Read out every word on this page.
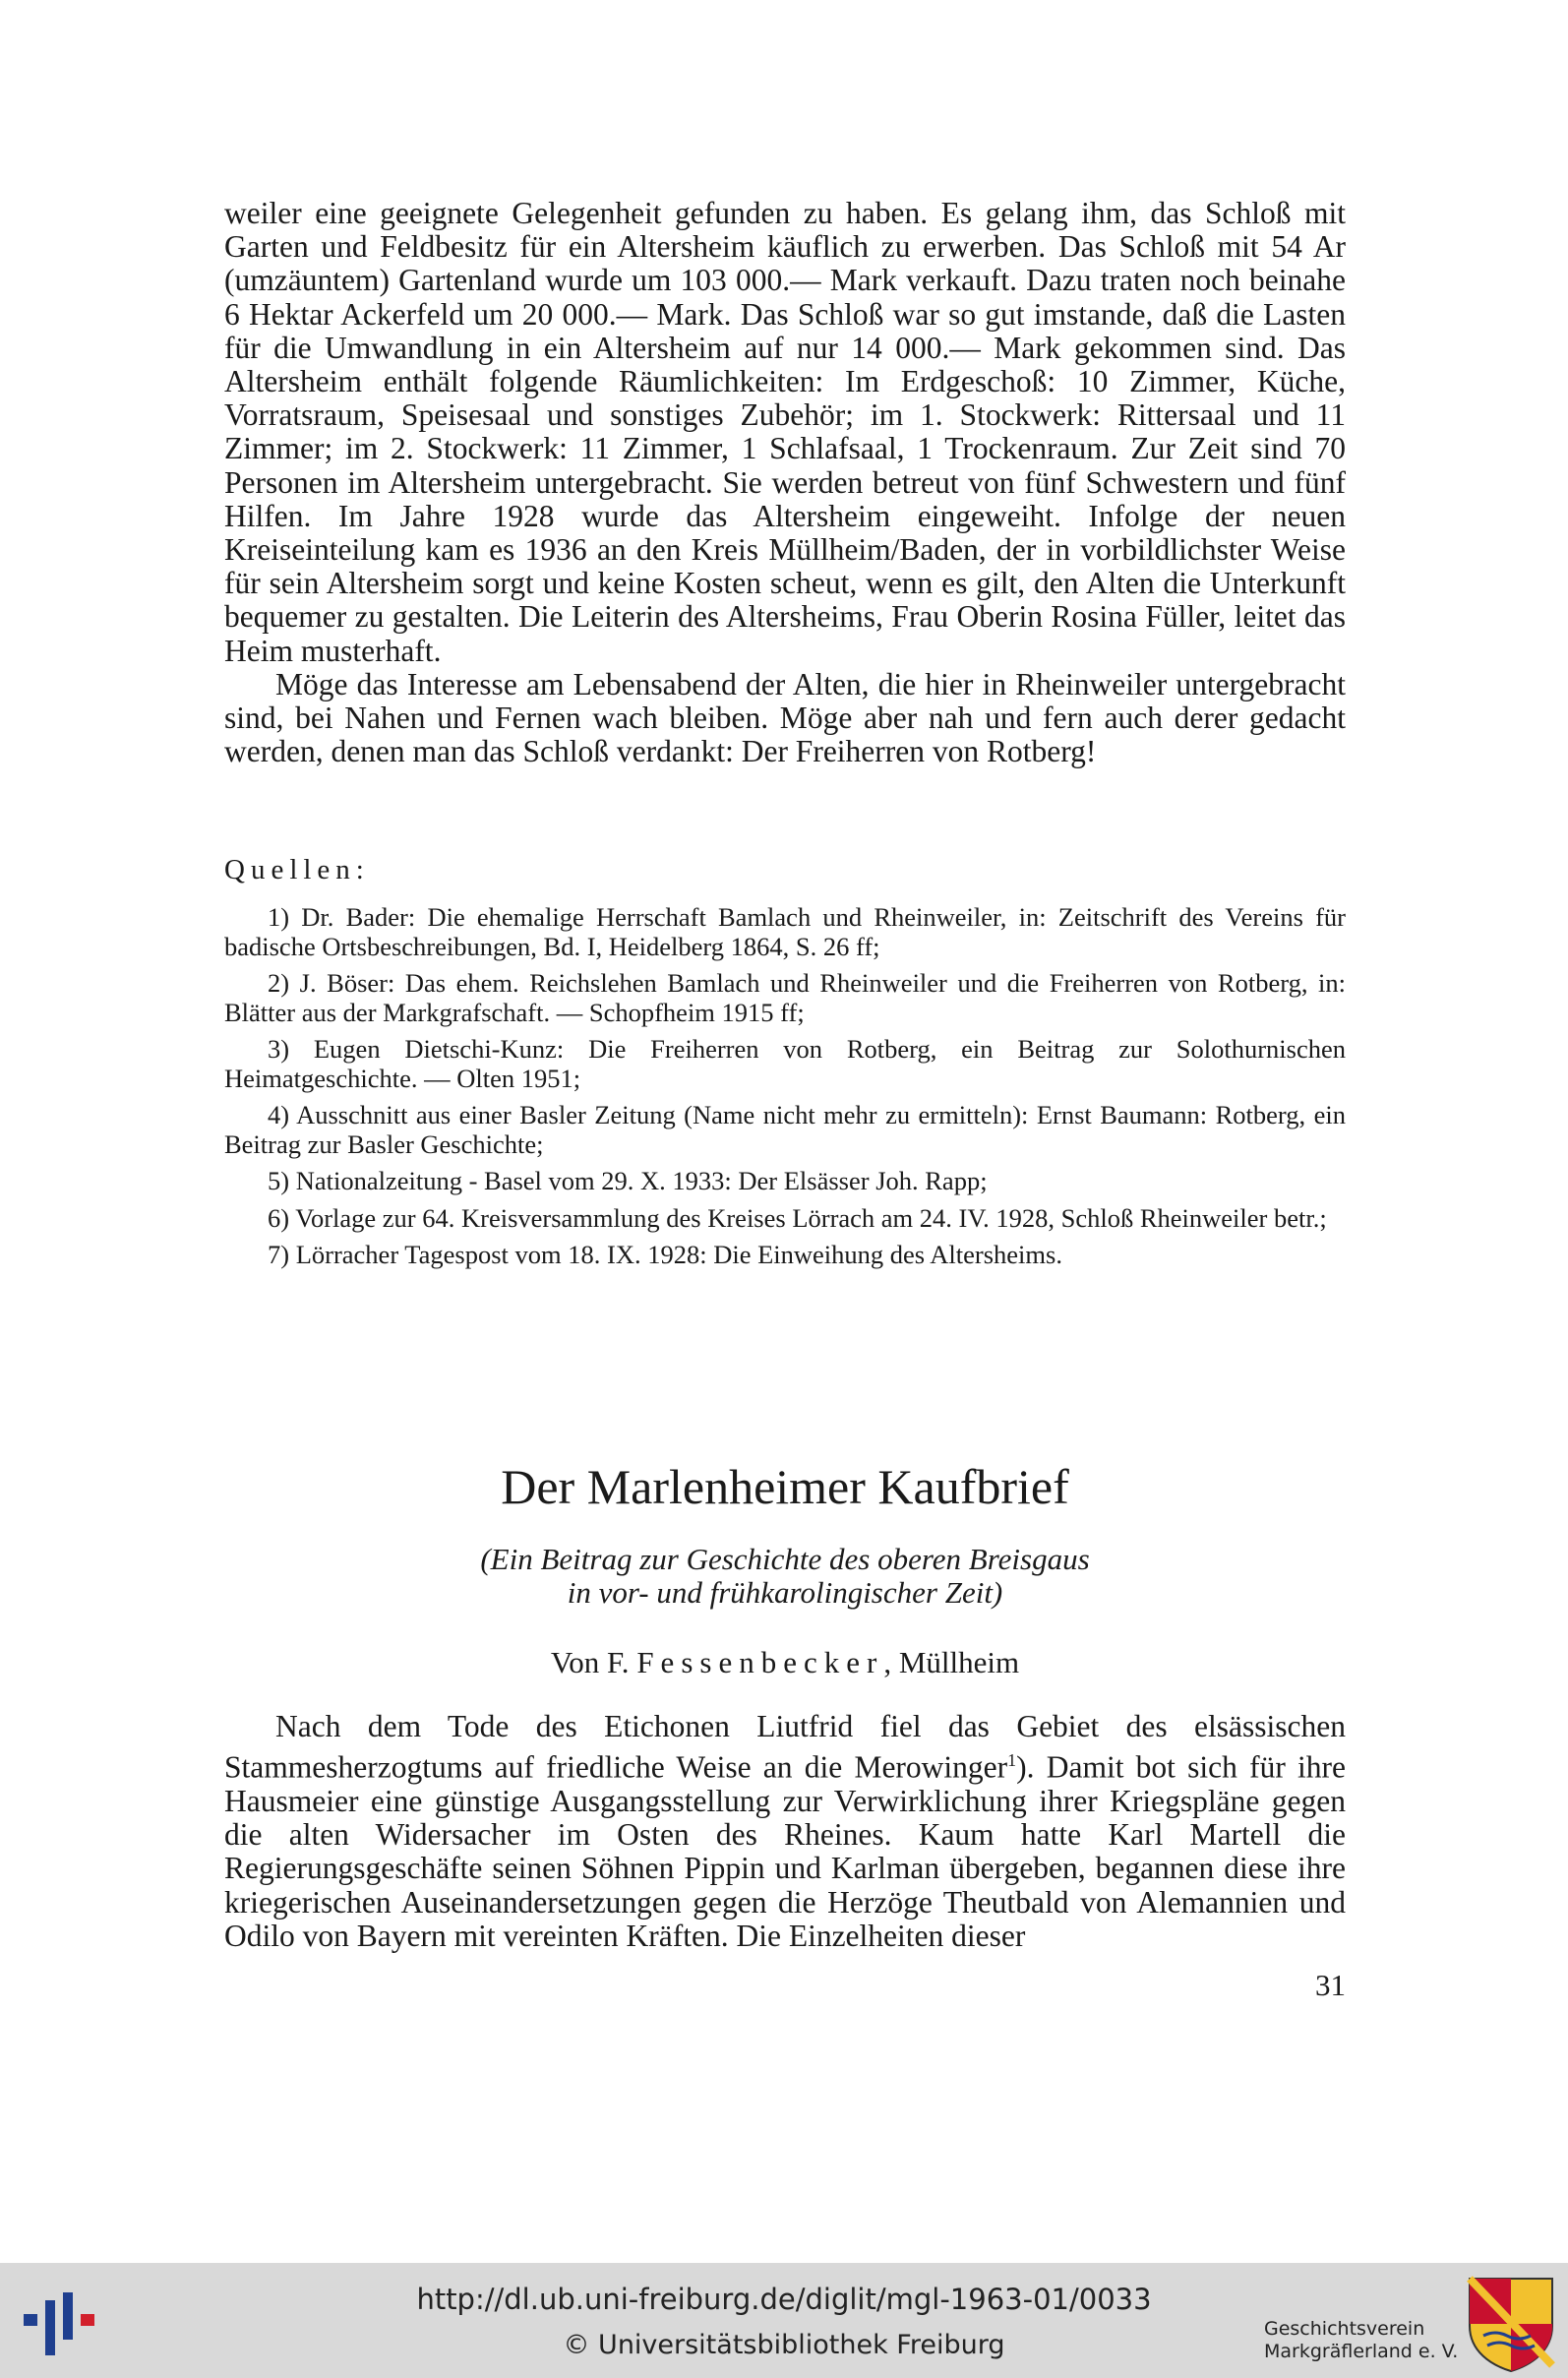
weiler eine geeignete Gelegenheit gefunden zu haben. Es gelang ihm, das Schloß mit Garten und Feldbesitz für ein Altersheim käuflich zu erwerben. Das Schloß mit 54 Ar (umzäuntem) Gartenland wurde um 103 000.— Mark verkauft. Dazu traten noch beinahe 6 Hektar Ackerfeld um 20 000.— Mark. Das Schloß war so gut imstande, daß die Lasten für die Umwandlung in ein Altersheim auf nur 14 000.— Mark gekommen sind. Das Altersheim enthält folgende Räumlichkeiten: Im Erdgeschoß: 10 Zimmer, Küche, Vorratsraum, Speisesaal und sonstiges Zubehör; im 1. Stockwerk: Rittersaal und 11 Zimmer; im 2. Stockwerk: 11 Zimmer, 1 Schlafsaal, 1 Trockenraum. Zur Zeit sind 70 Personen im Altersheim untergebracht. Sie werden betreut von fünf Schwestern und fünf Hilfen. Im Jahre 1928 wurde das Altersheim eingeweiht. Infolge der neuen Kreiseinteilung kam es 1936 an den Kreis Müllheim/Baden, der in vorbildlichster Weise für sein Altersheim sorgt und keine Kosten scheut, wenn es gilt, den Alten die Unterkunft bequemer zu gestalten. Die Leiterin des Altersheims, Frau Oberin Rosina Füller, leitet das Heim musterhaft.

Möge das Interesse am Lebensabend der Alten, die hier in Rheinweiler untergebracht sind, bei Nahen und Fernen wach bleiben. Möge aber nah und fern auch derer gedacht werden, denen man das Schloß verdankt: Der Freiherren von Rotberg!

Quellen:

1) Dr. Bader: Die ehemalige Herrschaft Bamlach und Rheinweiler, in: Zeitschrift des Vereins für badische Ortsbeschreibungen, Bd. I, Heidelberg 1864, S. 26 ff;

2) J. Böser: Das ehem. Reichslehen Bamlach und Rheinweiler und die Freiherren von Rotberg, in: Blätter aus der Markgrafschaft. — Schopfheim 1915 ff;

3) Eugen Dietschi-Kunz: Die Freiherren von Rotberg, ein Beitrag zur Solothurnischen Heimatgeschichte. — Olten 1951;

4) Ausschnitt aus einer Basler Zeitung (Name nicht mehr zu ermitteln): Ernst Baumann: Rotberg, ein Beitrag zur Basler Geschichte;

5) Nationalzeitung - Basel vom 29. X. 1933: Der Elsässer Joh. Rapp;

6) Vorlage zur 64. Kreisversammlung des Kreises Lörrach am 24. IV. 1928, Schloß Rheinweiler betr.;

7) Lörracher Tagespost vom 18. IX. 1928: Die Einweihung des Altersheims.

Der Marlenheimer Kaufbrief
(Ein Beitrag zur Geschichte des oberen Breisgaus
in vor- und frühkarolingischer Zeit)
Von F. Fessenbecker, Müllheim

Nach dem Tode des Etichonen Liutfrid fiel das Gebiet des elsässischen Stammesherzogtums auf friedliche Weise an die Merowinger$^1$). Damit bot sich für ihre Hausmeier eine günstige Ausgangsstellung zur Verwirklichung ihrer Kriegspläne gegen die alten Widersacher im Osten des Rheines. Kaum hatte Karl Martell die Regierungsgeschäfte seinen Söhnen Pippin und Karlman übergeben, begannen diese ihre kriegerischen Auseinandersetzungen gegen die Herzöge Theutbald von Alemannien und Odilo von Bayern mit vereinten Kräften. Die Einzelheiten dieser

31
http://dl.ub.uni-freiburg.de/diglit/mgl-1963-01/0033
© Universitätsbibliothek Freiburg
Geschichtsverein
Markgräflerland e. V.
